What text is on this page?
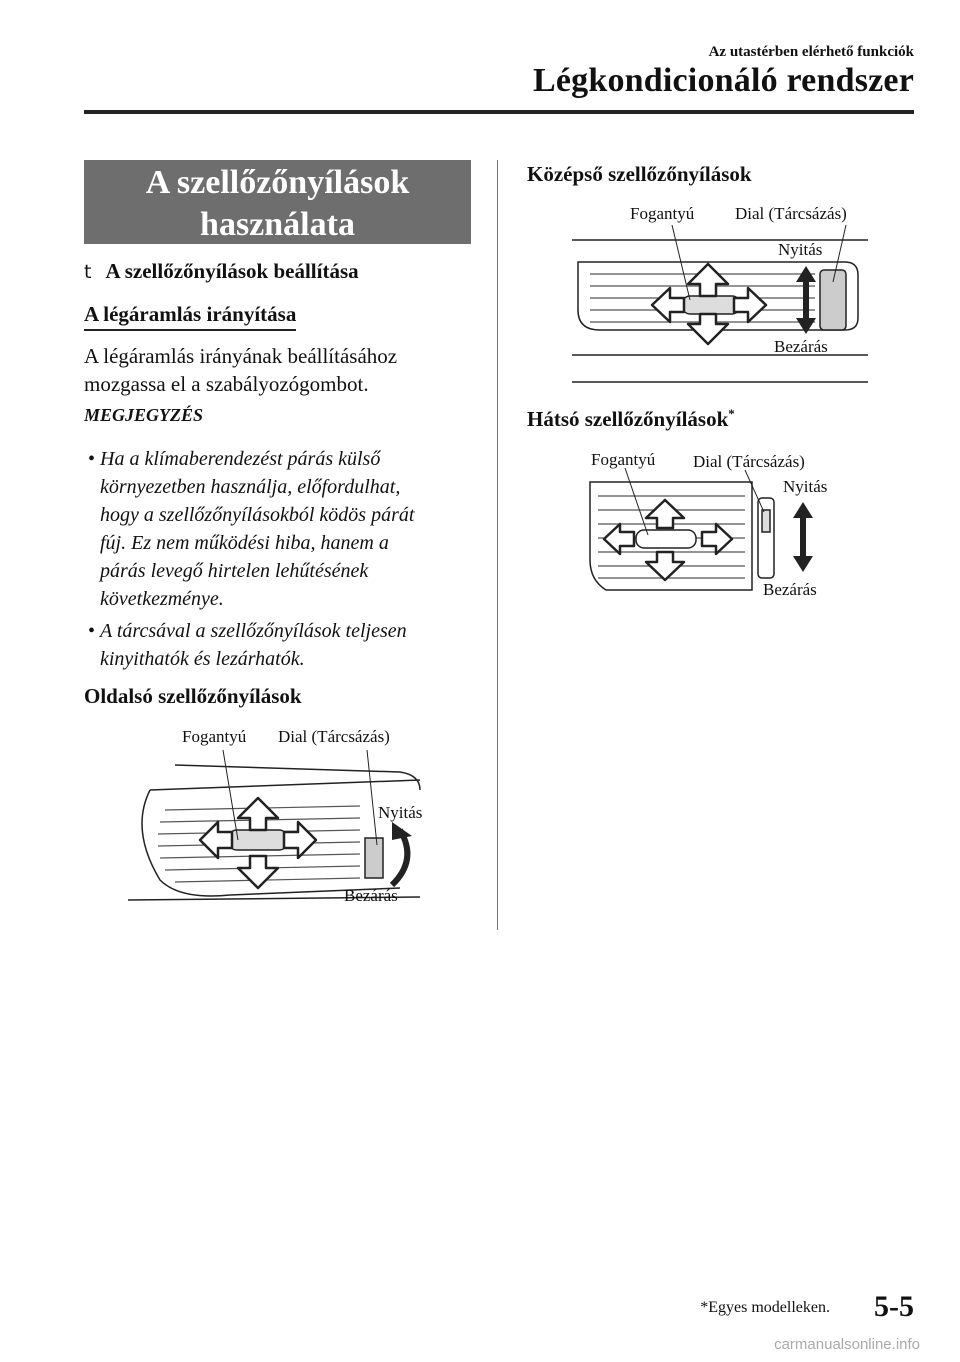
Az utastérben elérhető funkciók
Légkondicionáló rendszer
A szellőzőnyílások
használata
t A szellőzőnyílások beállítása
A légáramlás irányítása
A légáramlás irányának beállításához
mozgassa el a szabályozógombot.
MEGJEGYZÉS
• Ha a klímaberendezést párás külső
környezetben használja, előfordulhat,
hogy a szellőzőnyílásokból ködös párát
fúj. Ez nem működési hiba, hanem a
párás levegő hirtelen lehűtésének
következménye.
• A tárcsával a szellőzőnyílások teljesen
kinyithatók és lezárhatók.
Oldalsó szellőzőnyílások
Fogantyú Dial (Tárcsázás)
Nyitás
Bezárás
Középső szellőzőnyílások
Fogantyú Dial (Tárcsázás)
Nyitás
Bezárás
Hátsó szellőzőnyílások*
Fogantyú Dial (Tárcsázás)
Nyitás
Bezárás
*Egyes modelleken. 5-5
carmanualsonline.info
